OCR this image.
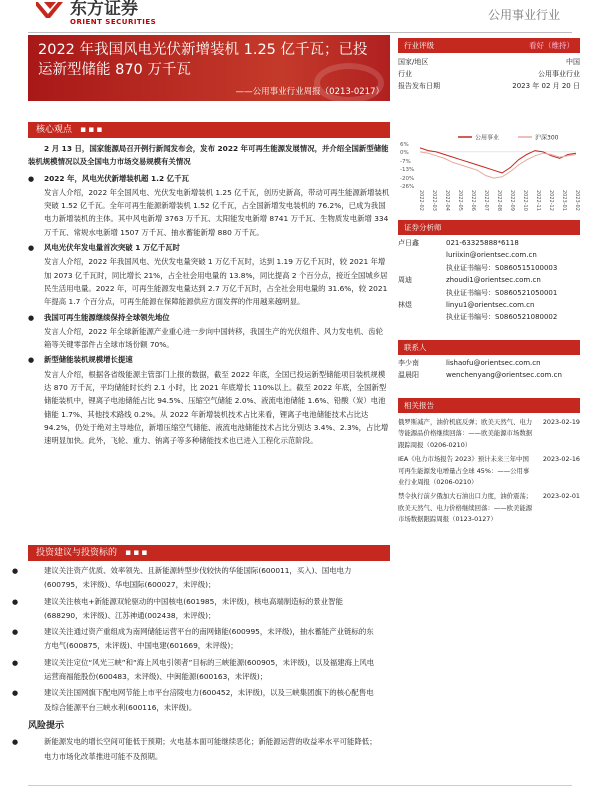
东方证券
ORIENT SECURITIES	公用事业行业
2022 年我国风电光伏新增装机 1.25 亿千瓦；已投运新型储能 870 万千瓦
——公用事业行业周报（0213-0217）
行业评级	看好（维持）
国家/地区	中国
行业	公用事业行业
报告发布日期	2023 年 02 月 20 日
公用事业	沪深300
6%
0%
-7%
-13%
-20%
-26%
2022-02 2022-03 2022-04 2022-05 2022-06 2022-07 2022-08 2022-09 2022-10 2022-11 2022-12 2023-01 2023-02
证券分析师
卢日鑫	021-63325888*6118
luriixin@orientsec.com.cn
执业证书编号：S0860515100003
周迪	zhoudi1@orientsec.com.cn
执业证书编号：S0860521050001
林煜	linyu1@orientsec.com.cn
执业证书编号：S0860521080002
联系人
李少南	lishaofu@orientsec.com.cn
温晨阳	wenchenyang@orientsec.com.cn
相关报告
俄罗斯减产，油价机底反弹；欧美天然气、电力等能源品价格继续回落：——欧美能源市场数据跟踪周报（0206-0210）
2023-02-19
IEA《电力市场报告 2023》预计未来三年中国可再生能源发电增量占全球 45%：——公用事业行业周报（0206-0210）
2023-02-16
禁令执行前夕俄加大石油出口力度，油价震荡；欧美天然气、电力价格继续回落：——欧美能源市场数据跟踪周报（0123-0127）
2023-02-01
核心观点 ▪▪▪
2 月 13 日，国家能源局召开例行新闻发布会，发布 2022 年可再生能源发展情况，并介绍全国新型储能装机规模情况以及全国电力市场交易规模有关情况
● 2022 年，风电光伏新增装机超 1.2 亿千瓦
发言人介绍，2022 年全国风电、光伏发电新增装机 1.25 亿千瓦，创历史新高，带动可再生能源新增装机突破 1.52 亿千瓦。全年可再生能源新增装机 1.52 亿千瓦，占全国新增发电装机的 76.2%，已成为我国电力新增装机的主体。其中风电新增 3763 万千瓦、太阳能发电新增 8741 万千瓦、生物质发电新增 334 万千瓦、常规水电新增 1507 万千瓦、抽水蓄能新增 880 万千瓦。
● 风电光伏年发电量首次突破 1 万亿千瓦时
发言人介绍，2022 年我国风电、光伏发电量突破 1 万亿千瓦时，达到 1.19 万亿千瓦时，较 2021 年增加 2073 亿千瓦时，同比增长 21%，占全社会用电量的 13.8%，同比提高 2 个百分点，接近全国城乡居民生活用电量。2022 年，可再生能源发电量达到 2.7 万亿千瓦时，占全社会用电量的 31.6%，较 2021 年提高 1.7 个百分点，可再生能源在保障能源供应方面发挥的作用越来越明显。
● 我国可再生能源继续保持全球领先地位
发言人介绍，2022 年全球新能源产业重心进一步向中国转移，我国生产的光伏组件、风力发电机、齿轮箱等关键零部件占全球市场份额 70%。
● 新型储能装机规模增长提速
发言人介绍，根据各省级能源主管部门上报的数据，截至 2022 年底，全国已投运新型储能项目装机规模达 870 万千瓦，平均储能时长约 2.1 小时，比 2021 年底增长 110%以上。截至 2022 年底，全国新型储能装机中，锂离子电池储能占比 94.5%、压缩空气储能 2.0%、液流电池储能 1.6%、铅酸（炭）电池储能 1.7%、其他技术路线 0.2%。从 2022 年新增装机技术占比来看，锂离子电池储能技术占比达 94.2%，仍处于绝对主导地位，新增压缩空气储能、液流电池储能技术占比分别达 3.4%、2.3%，占比增速明显加快。此外，飞轮、重力、钠离子等多种储能技术也已进入工程化示范阶段。
投资建议与投资标的 ▪▪▪
● 建议关注资产优质、效率领先、且新能源转型步伐较快的华能国际(600011，买入)、国电电力(600795，未评级)、华电国际(600027，未评级)；
● 建议关注核电+新能源双轮驱动的中国核电(601985，未评级)，核电高端制造标的景业智能(688290，未评级)、江苏神通(002438，未评级)；
● 建议关注通过资产重组成为南网储能运营平台的南网储能(600995，未评级)，抽水蓄能产业链标的东方电气(600875，未评级)、中国电建(601669，未评级)；
● 建议关注定位“风光三峡”和“海上风电引领者”目标的三峡能源(600905，未评级)，以及福建海上风电运营商福能股份(600483，未评级)、中闽能源(600163，未评级)；
● 建议关注国网旗下配电网节能上市平台涪陵电力(600452，未评级)，以及三峡集团旗下的核心配售电及综合能源平台三峡水利(600116，未评级)。
风险提示
● 新能源发电的增长空间可能低于预期；火电基本面可能继续恶化；新能源运营的收益率水平可能降低；电力市场化改革推进可能不及预期。
